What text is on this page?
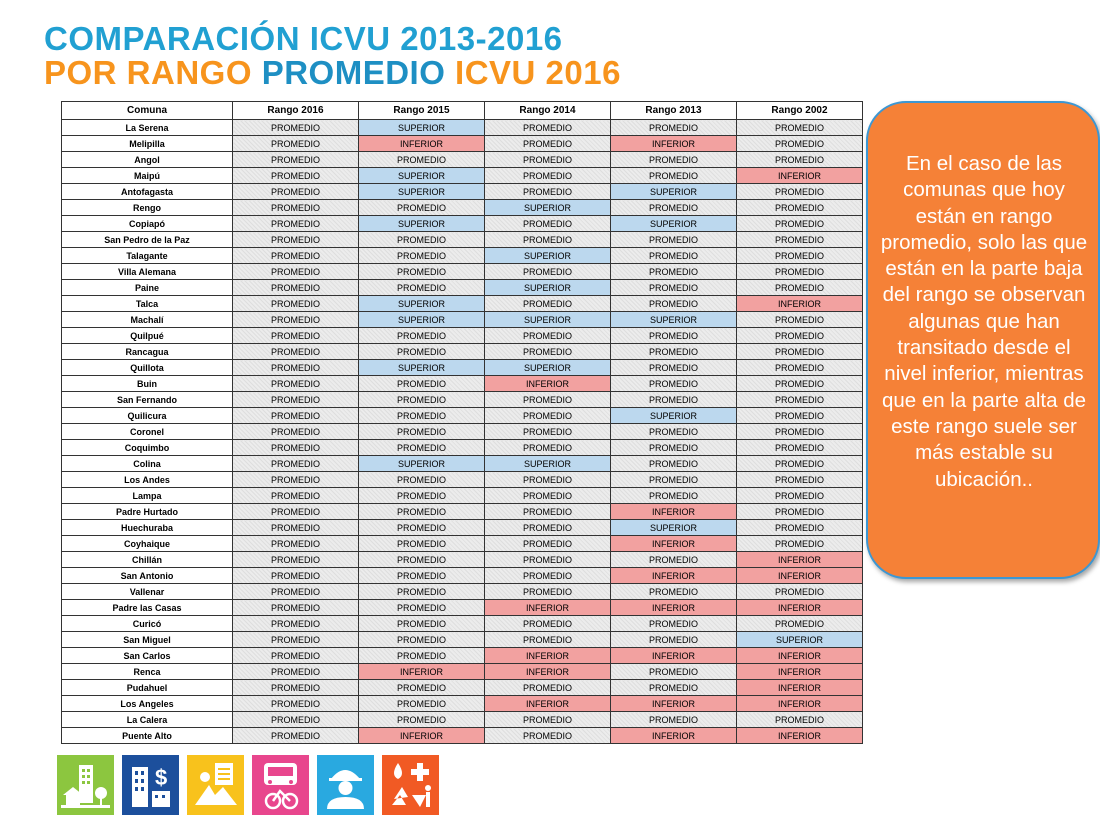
COMPARACIÓN ICVU 2013-2016
POR RANGO PROMEDIO ICVU 2016
Comuna	Rango 2016	Rango 2015	Rango 2014	Rango 2013	Rango 2002
La Serena	PROMEDIO	SUPERIOR	PROMEDIO	PROMEDIO	PROMEDIO
Melipilla	PROMEDIO	INFERIOR	PROMEDIO	INFERIOR	PROMEDIO
Angol	PROMEDIO	PROMEDIO	PROMEDIO	PROMEDIO	PROMEDIO
Maipú	PROMEDIO	SUPERIOR	PROMEDIO	PROMEDIO	INFERIOR
Antofagasta	PROMEDIO	SUPERIOR	PROMEDIO	SUPERIOR	PROMEDIO
Rengo	PROMEDIO	PROMEDIO	SUPERIOR	PROMEDIO	PROMEDIO
Copiapó	PROMEDIO	SUPERIOR	PROMEDIO	SUPERIOR	PROMEDIO
San Pedro de la Paz	PROMEDIO	PROMEDIO	PROMEDIO	PROMEDIO	PROMEDIO
Talagante	PROMEDIO	PROMEDIO	SUPERIOR	PROMEDIO	PROMEDIO
Villa Alemana	PROMEDIO	PROMEDIO	PROMEDIO	PROMEDIO	PROMEDIO
Paine	PROMEDIO	PROMEDIO	SUPERIOR	PROMEDIO	PROMEDIO
Talca	PROMEDIO	SUPERIOR	PROMEDIO	PROMEDIO	INFERIOR
Machalí	PROMEDIO	SUPERIOR	SUPERIOR	SUPERIOR	PROMEDIO
Quilpué	PROMEDIO	PROMEDIO	PROMEDIO	PROMEDIO	PROMEDIO
Rancagua	PROMEDIO	PROMEDIO	PROMEDIO	PROMEDIO	PROMEDIO
Quillota	PROMEDIO	SUPERIOR	SUPERIOR	PROMEDIO	PROMEDIO
Buin	PROMEDIO	PROMEDIO	INFERIOR	PROMEDIO	PROMEDIO
San Fernando	PROMEDIO	PROMEDIO	PROMEDIO	PROMEDIO	PROMEDIO
Quilicura	PROMEDIO	PROMEDIO	PROMEDIO	SUPERIOR	PROMEDIO
Coronel	PROMEDIO	PROMEDIO	PROMEDIO	PROMEDIO	PROMEDIO
Coquimbo	PROMEDIO	PROMEDIO	PROMEDIO	PROMEDIO	PROMEDIO
Colina	PROMEDIO	SUPERIOR	SUPERIOR	PROMEDIO	PROMEDIO
Los Andes	PROMEDIO	PROMEDIO	PROMEDIO	PROMEDIO	PROMEDIO
Lampa	PROMEDIO	PROMEDIO	PROMEDIO	PROMEDIO	PROMEDIO
Padre Hurtado	PROMEDIO	PROMEDIO	PROMEDIO	INFERIOR	PROMEDIO
Huechuraba	PROMEDIO	PROMEDIO	PROMEDIO	SUPERIOR	PROMEDIO
Coyhaique	PROMEDIO	PROMEDIO	PROMEDIO	INFERIOR	PROMEDIO
Chillán	PROMEDIO	PROMEDIO	PROMEDIO	PROMEDIO	INFERIOR
San Antonio	PROMEDIO	PROMEDIO	PROMEDIO	INFERIOR	INFERIOR
Vallenar	PROMEDIO	PROMEDIO	PROMEDIO	PROMEDIO	PROMEDIO
Padre las Casas	PROMEDIO	PROMEDIO	INFERIOR	INFERIOR	INFERIOR
Curicó	PROMEDIO	PROMEDIO	PROMEDIO	PROMEDIO	PROMEDIO
San Miguel	PROMEDIO	PROMEDIO	PROMEDIO	PROMEDIO	SUPERIOR
San Carlos	PROMEDIO	PROMEDIO	INFERIOR	INFERIOR	INFERIOR
Renca	PROMEDIO	INFERIOR	INFERIOR	PROMEDIO	INFERIOR
Pudahuel	PROMEDIO	PROMEDIO	PROMEDIO	PROMEDIO	INFERIOR
Los Angeles	PROMEDIO	PROMEDIO	INFERIOR	INFERIOR	INFERIOR
La Calera	PROMEDIO	PROMEDIO	PROMEDIO	PROMEDIO	PROMEDIO
Puente Alto	PROMEDIO	INFERIOR	PROMEDIO	INFERIOR	INFERIOR
En el caso de las comunas que hoy están en rango promedio, solo las que están en la parte baja del rango se observan algunas que han transitado desde el nivel inferior, mientras que en la parte alta de este rango suele ser más estable su ubicación..
$
